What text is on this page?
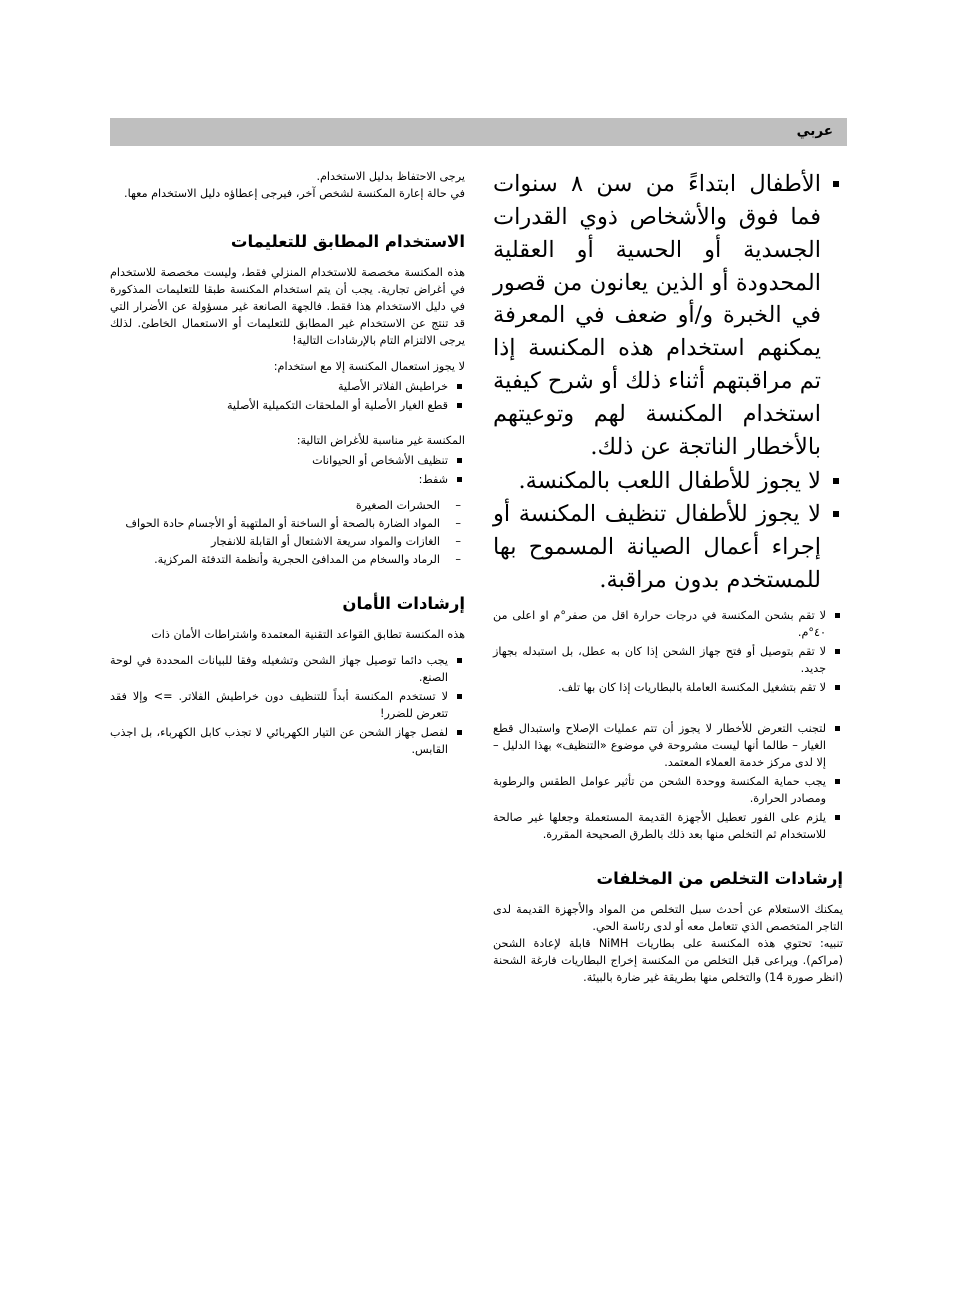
عربي

يرجى الاحتفاظ بدليل الاستخدام.

في حالة إعارة المكنسة لشخص آخر، فيرجى إعطاؤه دليل الاستخدام معها.

الاستخدام المطابق للتعليمات

هذه المكنسة مخصصة للاستخدام المنزلي فقط، وليست مخصصة للاستخدام في أغراض تجارية. يجب أن يتم استخدام المكنسة طبقا للتعليمات المذكورة في دليل الاستخدام هذا فقط. فالجهة الصانعة غير مسؤولة عن الأضرار التي قد تنتج عن الاستخدام غير المطابق للتعليمات أو الاستعمال الخاطئ. لذلك يرجى الالتزام التام بالإرشادات التالية!

لا يجوز استعمال المكنسة إلا مع استخدام:

خراطيش الفلاتر الأصلية
قطع الغيار الأصلية أو الملحقات التكميلية الأصلية

المكنسة غير مناسبة للأغراض التالية:

تنظيف الأشخاص أو الحيوانات
شفط:
– الحشرات الصغيرة
– المواد الضارة بالصحة أو الساخنة أو الملتهبة أو الأجسام حادة الحواف
– الغازات والمواد سريعة الاشتعال أو القابلة للانفجار
– الرماد والسخام من المدافئ الحجرية وأنظمة التدفئة المركزية.
إرشادات الأمان

هذه المكنسة تطابق القواعد التقنية المعتمدة واشتراطات الأمان ذات

يجب دائما توصيل جهاز الشحن وتشغيله وفقا للبيانات المحددة في لوحة الصنع.
لا تستخدم المكنسة أبداً للتنظيف دون خراطيش الفلاتر. => وإلا فقد تتعرض للضرر!
لفصل جهاز الشحن عن التيار الكهربائي لا تجذب كابل الكهرباء، بل اجذب القابس.
الأطفال ابتداءً من سن ٨ سنوات فما فوق والأشخاص ذوي القدرات الجسدية أو الحسية أو العقلية المحدودة أو الذين يعانون من قصور في الخبرة و/أو ضعف في المعرفة يمكنهم استخدام هذه المكنسة إذا تم مراقبتهم أثناء ذلك أو شرح كيفية استخدام المكنسة لهم وتوعيتهم بالأخطار الناتجة عن ذلك.
لا يجوز للأطفال اللعب بالمكنسة.
لا يجوز للأطفال تنظيف المكنسة أو إجراء أعمال الصيانة المسموح بها للمستخدم بدون مراقبة.
لا تقم بشحن المكنسة في درجات حرارة اقل من صفر°م او اعلى من ٤٠°م.
لا تقم بتوصيل أو فتح جهاز الشحن إذا كان به عطل، بل استبدله بجهاز جديد.
لا تقم بتشغيل المكنسة العاملة بالبطاريات إذا كان بها تلف.
لتجنب التعرض للأخطار لا يجوز أن تتم عمليات الإصلاح واستبدال قطع الغيار – طالما أنها ليست مشروحة في موضوع «التنظيف» بهذا الدليل – إلا لدى مركز خدمة العملاء المعتمد.
يجب حماية المكنسة ووحدة الشحن من تأثير عوامل الطقس والرطوبة ومصادر الحرارة.
يلزم على الفور تعطيل الأجهزة القديمة المستعملة وجعلها غير صالحة للاستخدام ثم التخلص منها بعد ذلك بالطرق الصحيحة المقررة.
إرشادات التخلص من المخلفات

يمكنك الاستعلام عن أحدث سبل التخلص من المواد والأجهزة القديمة لدى التاجر المتخصص الذي تتعامل معه أو لدى رئاسة الحي.

تنبيه: تحتوي هذه المكنسة على بطاريات NiMH قابلة لإعادة الشحن (مراكم). ويراعى قبل التخلص من المكنسة إخراج البطاريات فارغة الشحنة (انظر صورة 14) والتخلص منها بطريقة غير ضارة بالبيئة.
